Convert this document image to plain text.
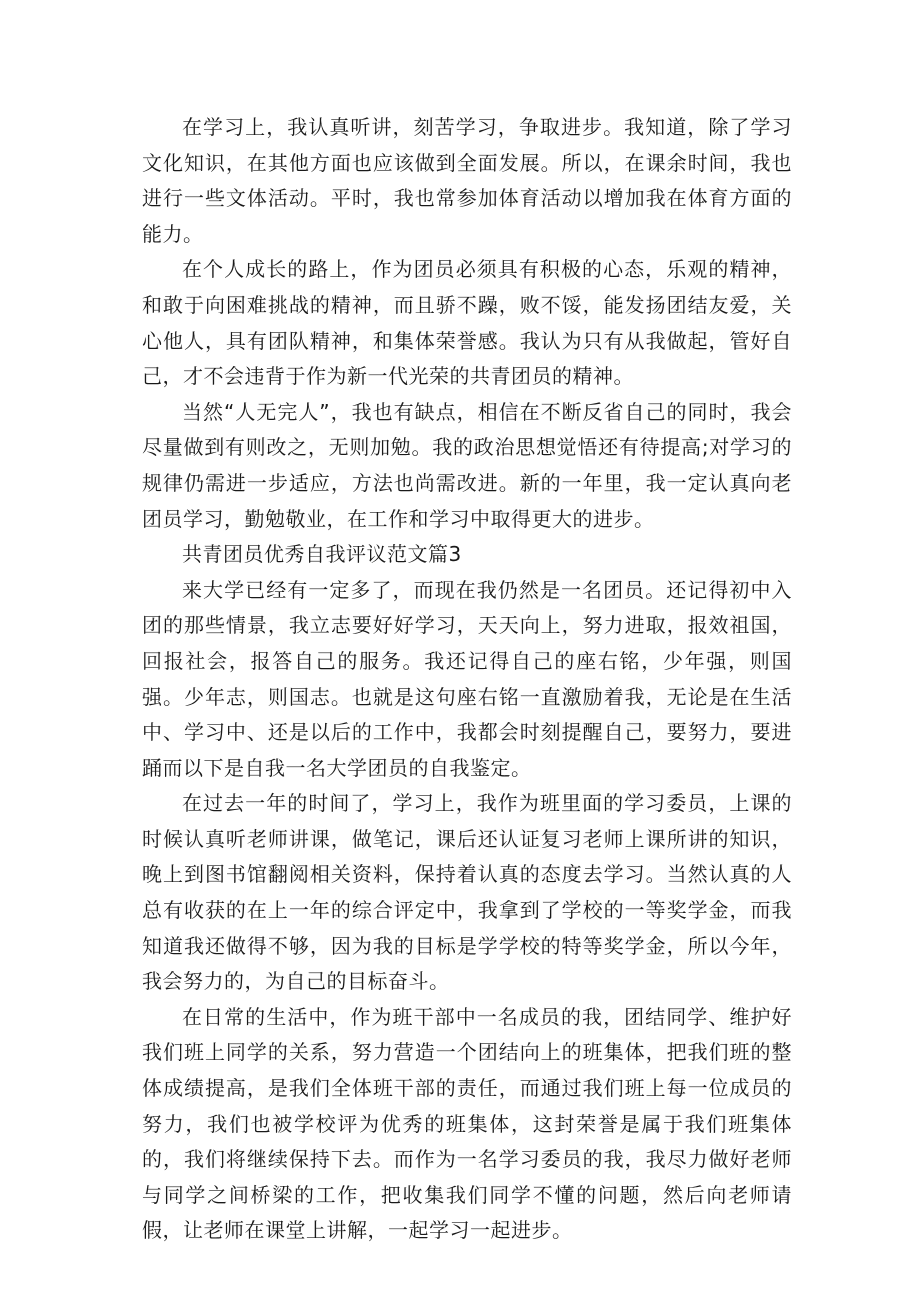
在学习上，我认真听讲，刻苦学习，争取进步。我知道，除了学习文化知识，在其他方面也应该做到全面发展。所以，在课余时间，我也进行一些文体活动。平时，我也常参加体育活动以增加我在体育方面的能力。

在个人成长的路上，作为团员必须具有积极的心态，乐观的精神，和敢于向困难挑战的精神，而且骄不躁，败不馁，能发扬团结友爱，关心他人，具有团队精神，和集体荣誉感。我认为只有从我做起，管好自己，才不会违背于作为新一代光荣的共青团员的精神。

当然“人无完人”，我也有缺点，相信在不断反省自己的同时，我会尽量做到有则改之，无则加勉。我的政治思想觉悟还有待提高;对学习的规律仍需进一步适应，方法也尚需改进。新的一年里，我一定认真向老团员学习，勤勉敬业，在工作和学习中取得更大的进步。

共青团员优秀自我评议范文篇3

来大学已经有一定多了，而现在我仍然是一名团员。还记得初中入团的那些情景，我立志要好好学习，天天向上，努力进取，报效祖国，回报社会，报答自己的服务。我还记得自己的座右铭，少年强，则国强。少年志，则国志。也就是这句座右铭一直激励着我，无论是在生活中、学习中、还是以后的工作中，我都会时刻提醒自己，要努力，要进踊而以下是自我一名大学团员的自我鉴定。

在过去一年的时间了，学习上，我作为班里面的学习委员，上课的时候认真听老师讲课，做笔记，课后还认证复习老师上课所讲的知识，晚上到图书馆翻阅相关资料，保持着认真的态度去学习。当然认真的人总有收获的在上一年的综合评定中，我拿到了学校的一等奖学金，而我知道我还做得不够，因为我的目标是学学校的特等奖学金，所以今年，我会努力的，为自己的目标奋斗。

在日常的生活中，作为班干部中一名成员的我，团结同学、维护好我们班上同学的关系，努力营造一个团结向上的班集体，把我们班的整体成绩提高，是我们全体班干部的责任，而通过我们班上每一位成员的努力，我们也被学校评为优秀的班集体，这封荣誉是属于我们班集体的，我们将继续保持下去。而作为一名学习委员的我，我尽力做好老师与同学之间桥梁的工作，把收集我们同学不懂的问题，然后向老师请假，让老师在课堂上讲解，一起学习一起进步。
